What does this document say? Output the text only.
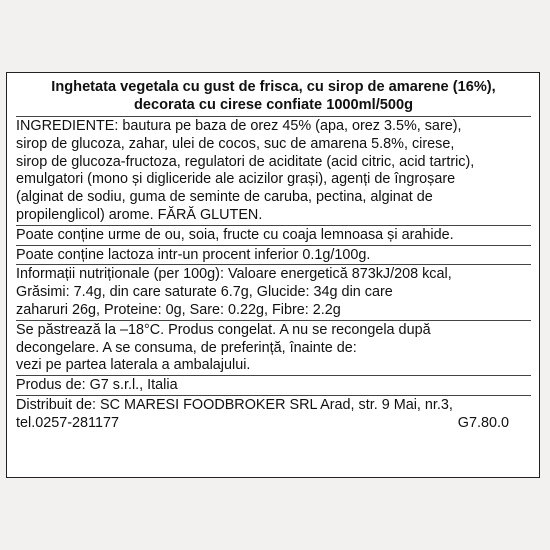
Inghetata vegetala cu gust de frisca, cu sirop de amarene (16%),
decorata cu cirese confiate 1000ml/500g
INGREDIENTE: bautura pe baza de orez 45% (apa, orez 3.5%, sare),
sirop de glucoza, zahar, ulei de cocos, suc de amarena 5.8%, cirese,
sirop de glucoza-fructoza, regulatori de aciditate (acid citric, acid tartric),
emulgatori (mono și digliceride ale acizilor grași), agenți de îngroșare
(alginat de sodiu, guma de seminte de caruba, pectina, alginat de
propilenglicol) arome. FĂRĂ GLUTEN.
Poate conține urme de ou, soia, fructe cu coaja lemnoasa și arahide.
Poate conține lactoza intr-un procent inferior 0.1g/100g.
Informații nutriționale (per 100g): Valoare energetică 873kJ/208 kcal,
Grăsimi: 7.4g, din care saturate 6.7g, Glucide: 34g din care
zaharuri 26g, Proteine: 0g, Sare: 0.22g, Fibre: 2.2g
Se păstrează la –18°C. Produs congelat. A nu se recongela după
decongelare. A se consuma, de preferință, înainte de:
vezi pe partea laterala a ambalajului.
Produs de: G7 s.r.l., Italia
Distribuit de: SC MARESI FOODBROKER SRL Arad, str. 9 Mai, nr.3,
tel.0257-281177	G7.80.0
